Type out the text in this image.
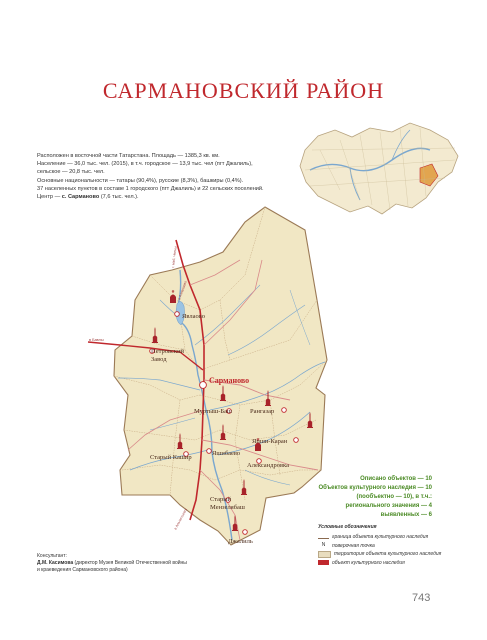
САРМАНОВСКИЙ РАЙОН
Расположен в восточной части Татарстана. Площадь — 1385,3 кв. км.
Население — 36,0 тыс. чел. (2015), в т.ч. городское — 13,9 тыс. чел (пгт Джалиль),
сельское — 20,8 тыс. чел.
Основные национальности — татары (90,4%), русские (8,3%), башкиры (0,4%).
37 населенных пунктов в составе 1 городского (пгт Джалиль) и 22 сельских поселений.
Центр — с. Сарманово (7,6 тыс. чел.).
г. Наб. Челны
в Азнакаево
в Бавлы
в Альметьевск
Явлаово
Петровский
Завод
Сарманово
Муртыш-Баш	Рангазар
Япши-Каран
Старый Кашир
Яшибаево
Александровка
Старый
Мензелябаш
Джалиль
Описано объектов — 10
Объектов культурного наследия — 10
(пообъектно — 10), в т.ч.:
регионального значения — 4
выявленных — 6
Условные обозначения
граница объекта культурного наследия
N	поверочная точка
территория объекта культурного наследия
объект культурного наследия
Консультант:
Д.М. Касимова (директор Музея Великой Отечественной войны
и краеведения Сармановского района)
743
